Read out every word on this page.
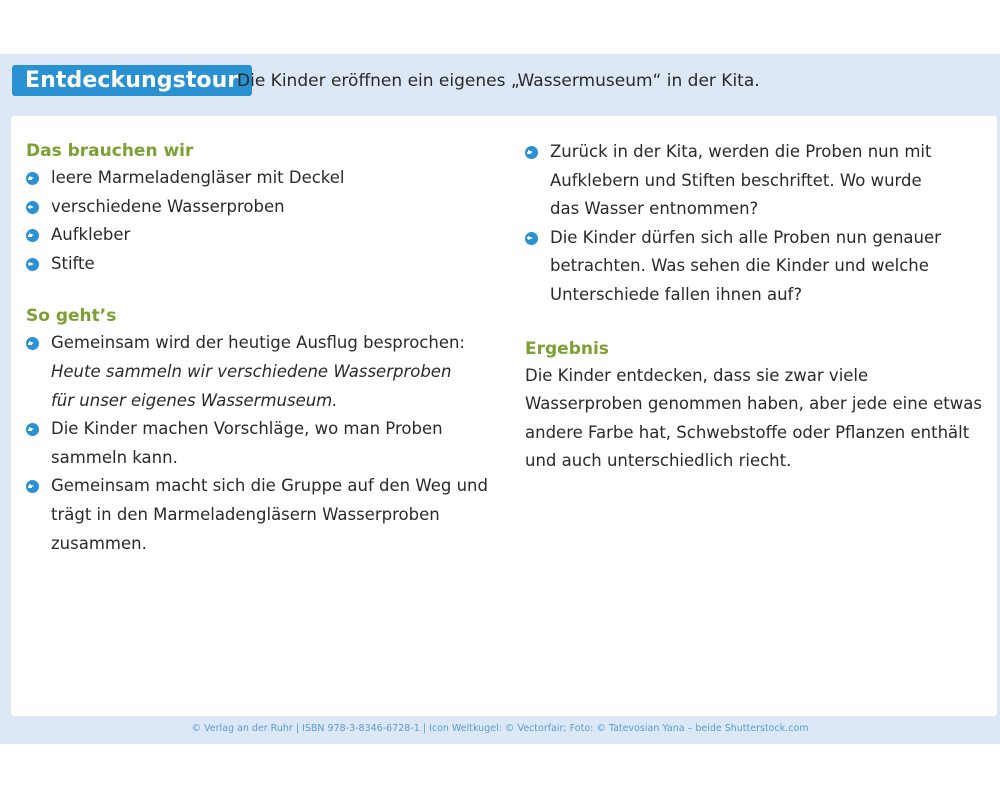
Entdeckungstour
Die Kinder eröffnen ein eigenes „Wassermuseum“ in der Kita.
Das brauchen wir
leere Marmeladengläser mit Deckel
verschiedene Wasserproben
Aufkleber
Stifte
So geht’s
Gemeinsam wird der heutige Ausflug besprochen:
Heute sammeln wir verschiedene Wasserproben
für unser eigenes Wassermuseum.
Die Kinder machen Vorschläge, wo man Proben sammeln kann.
Gemeinsam macht sich die Gruppe auf den Weg und trägt in den Marmeladengläsern Wasserproben zusammen.
Zurück in der Kita, werden die Proben nun mit Aufklebern und Stiften beschriftet. Wo wurde das Wasser entnommen?
Die Kinder dürfen sich alle Proben nun genauer betrachten. Was sehen die Kinder und welche Unterschiede fallen ihnen auf?
Ergebnis

Die Kinder entdecken, dass sie zwar viele Wasserproben genommen haben, aber jede eine etwas andere Farbe hat, Schwebstoffe oder Pflanzen enthält und auch unterschiedlich riecht.

© Verlag an der Ruhr | ISBN 978-3-8346-6728-1 | Icon Weltkugel: © Vectorfair; Foto: © Tatevosian Yana – beide Shutterstock.com
